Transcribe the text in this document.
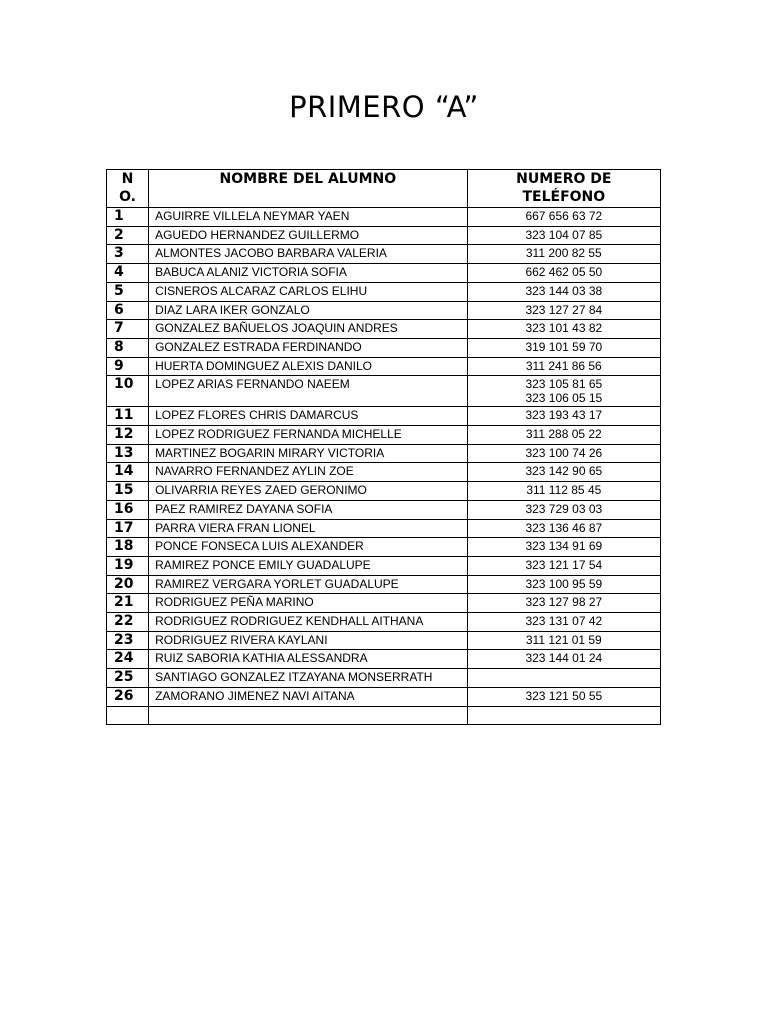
PRIMERO “A”
NO.	NOMBRE DEL ALUMNO	NUMERO DE TELÉFONO
1	AGUIRRE VILLELA NEYMAR YAEN	667 656 63 72

2	AGUEDO HERNANDEZ GUILLERMO	323 104 07 85

3	ALMONTES JACOBO BARBARA VALERIA	311 200 82 55

4	BABUCA ALANIZ VICTORIA SOFIA	662 462 05 50

5	CISNEROS ALCARAZ CARLOS ELIHU	323 144 03 38

6	DIAZ LARA IKER GONZALO	323 127 27 84

7	GONZALEZ BAÑUELOS JOAQUIN ANDRES	323 101 43 82

8	GONZALEZ ESTRADA FERDINANDO	319 101 59 70

9	HUERTA DOMINGUEZ ALEXIS DANILO	311 241 86 56

10	LOPEZ ARIAS FERNANDO NAEEM	323 105 81 65
323 106 05 15

11	LOPEZ FLORES CHRIS DAMARCUS	323 193 43 17

12	LOPEZ RODRIGUEZ FERNANDA MICHELLE	311 288 05 22

13	MARTINEZ BOGARIN MIRARY VICTORIA	323 100 74 26

14	NAVARRO FERNANDEZ AYLIN ZOE	323 142 90 65

15	OLIVARRIA REYES ZAED GERONIMO	311 112 85 45

16	PAEZ RAMIREZ DAYANA SOFIA	323 729 03 03

17	PARRA VIERA FRAN LIONEL	323 136 46 87

18	PONCE FONSECA LUIS ALEXANDER	323 134 91 69

19	RAMIREZ PONCE EMILY GUADALUPE	323 121 17 54

20	RAMIREZ VERGARA YORLET GUADALUPE	323 100 95 59

21	RODRIGUEZ PEÑA MARINO	323 127 98 27

22	RODRIGUEZ RODRIGUEZ KENDHALL AITHANA	323 131 07 42

23	RODRIGUEZ RIVERA KAYLANI	311 121 01 59

24	RUIZ SABORIA KATHIA ALESSANDRA	323 144 01 24

25	SANTIAGO GONZALEZ ITZAYANA MONSERRATH	
26	ZAMORANO JIMENEZ NAVI AITANA	323 121 50 55
